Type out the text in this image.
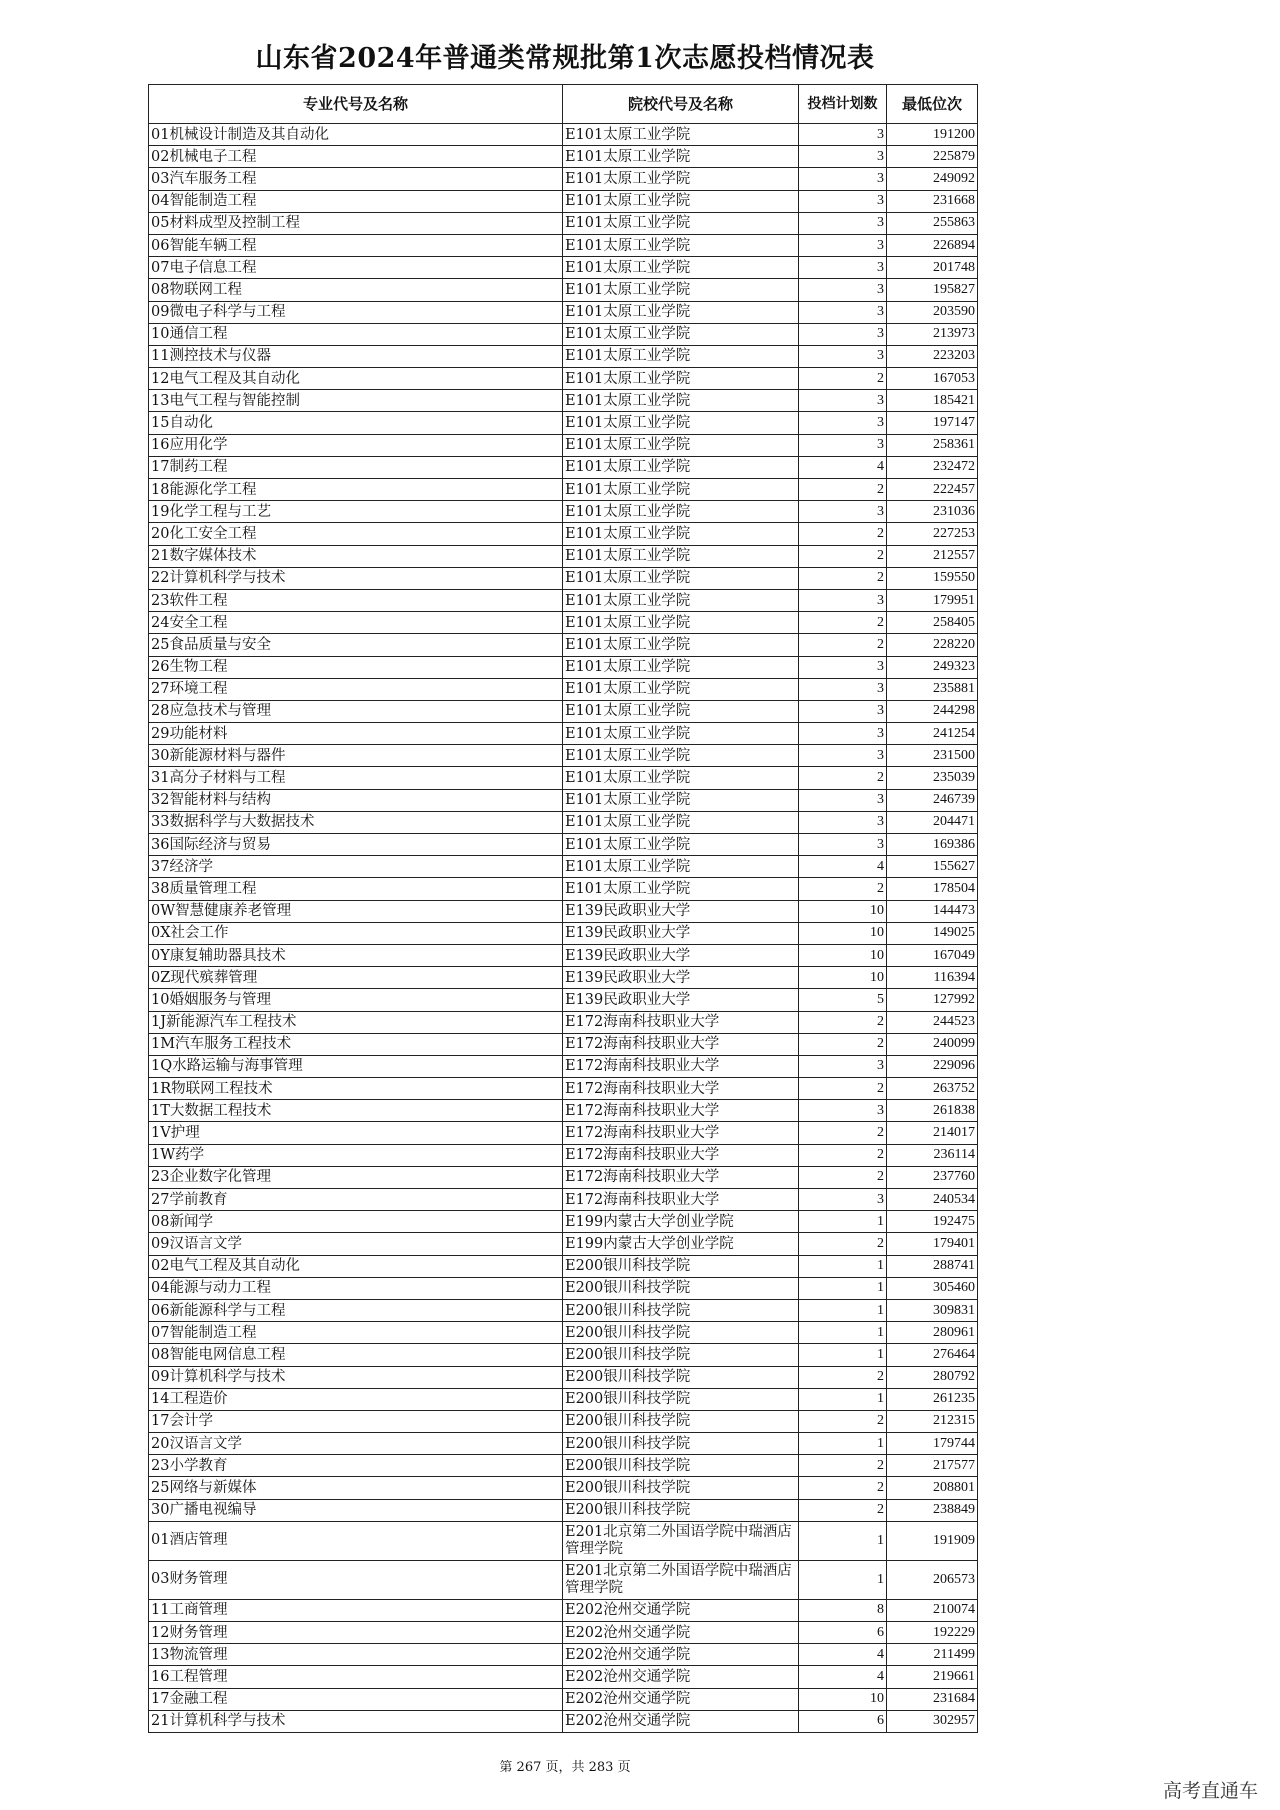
山东省2024年普通类常规批第1次志愿投档情况表
专业代号及名称	院校代号及名称	投档计划数	最低位次
01机械设计制造及其自动化	E101太原工业学院	3	191200
02机械电子工程	E101太原工业学院	3	225879
03汽车服务工程	E101太原工业学院	3	249092
04智能制造工程	E101太原工业学院	3	231668
05材料成型及控制工程	E101太原工业学院	3	255863
06智能车辆工程	E101太原工业学院	3	226894
07电子信息工程	E101太原工业学院	3	201748
08物联网工程	E101太原工业学院	3	195827
09微电子科学与工程	E101太原工业学院	3	203590
10通信工程	E101太原工业学院	3	213973
11测控技术与仪器	E101太原工业学院	3	223203
12电气工程及其自动化	E101太原工业学院	2	167053
13电气工程与智能控制	E101太原工业学院	3	185421
15自动化	E101太原工业学院	3	197147
16应用化学	E101太原工业学院	3	258361
17制药工程	E101太原工业学院	4	232472
18能源化学工程	E101太原工业学院	2	222457
19化学工程与工艺	E101太原工业学院	3	231036
20化工安全工程	E101太原工业学院	2	227253
21数字媒体技术	E101太原工业学院	2	212557
22计算机科学与技术	E101太原工业学院	2	159550
23软件工程	E101太原工业学院	3	179951
24安全工程	E101太原工业学院	2	258405
25食品质量与安全	E101太原工业学院	2	228220
26生物工程	E101太原工业学院	3	249323
27环境工程	E101太原工业学院	3	235881
28应急技术与管理	E101太原工业学院	3	244298
29功能材料	E101太原工业学院	3	241254
30新能源材料与器件	E101太原工业学院	3	231500
31高分子材料与工程	E101太原工业学院	2	235039
32智能材料与结构	E101太原工业学院	3	246739
33数据科学与大数据技术	E101太原工业学院	3	204471
36国际经济与贸易	E101太原工业学院	3	169386
37经济学	E101太原工业学院	4	155627
38质量管理工程	E101太原工业学院	2	178504
0W智慧健康养老管理	E139民政职业大学	10	144473
0X社会工作	E139民政职业大学	10	149025
0Y康复辅助器具技术	E139民政职业大学	10	167049
0Z现代殡葬管理	E139民政职业大学	10	116394
10婚姻服务与管理	E139民政职业大学	5	127992
1J新能源汽车工程技术	E172海南科技职业大学	2	244523
1M汽车服务工程技术	E172海南科技职业大学	2	240099
1Q水路运输与海事管理	E172海南科技职业大学	3	229096
1R物联网工程技术	E172海南科技职业大学	2	263752
1T大数据工程技术	E172海南科技职业大学	3	261838
1V护理	E172海南科技职业大学	2	214017
1W药学	E172海南科技职业大学	2	236114
23企业数字化管理	E172海南科技职业大学	2	237760
27学前教育	E172海南科技职业大学	3	240534
08新闻学	E199内蒙古大学创业学院	1	192475
09汉语言文学	E199内蒙古大学创业学院	2	179401
02电气工程及其自动化	E200银川科技学院	1	288741
04能源与动力工程	E200银川科技学院	1	305460
06新能源科学与工程	E200银川科技学院	1	309831
07智能制造工程	E200银川科技学院	1	280961
08智能电网信息工程	E200银川科技学院	1	276464
09计算机科学与技术	E200银川科技学院	2	280792
14工程造价	E200银川科技学院	1	261235
17会计学	E200银川科技学院	2	212315
20汉语言文学	E200银川科技学院	1	179744
23小学教育	E200银川科技学院	2	217577
25网络与新媒体	E200银川科技学院	2	208801
30广播电视编导	E200银川科技学院	2	238849
01酒店管理	E201北京第二外国语学院中瑞酒店管理学院	1	191909
03财务管理	E201北京第二外国语学院中瑞酒店管理学院	1	206573
11工商管理	E202沧州交通学院	8	210074
12财务管理	E202沧州交通学院	6	192229
13物流管理	E202沧州交通学院	4	211499
16工程管理	E202沧州交通学院	4	219661
17金融工程	E202沧州交通学院	10	231684
21计算机科学与技术	E202沧州交通学院	6	302957
第 267 页，共 283 页
高考直通车
